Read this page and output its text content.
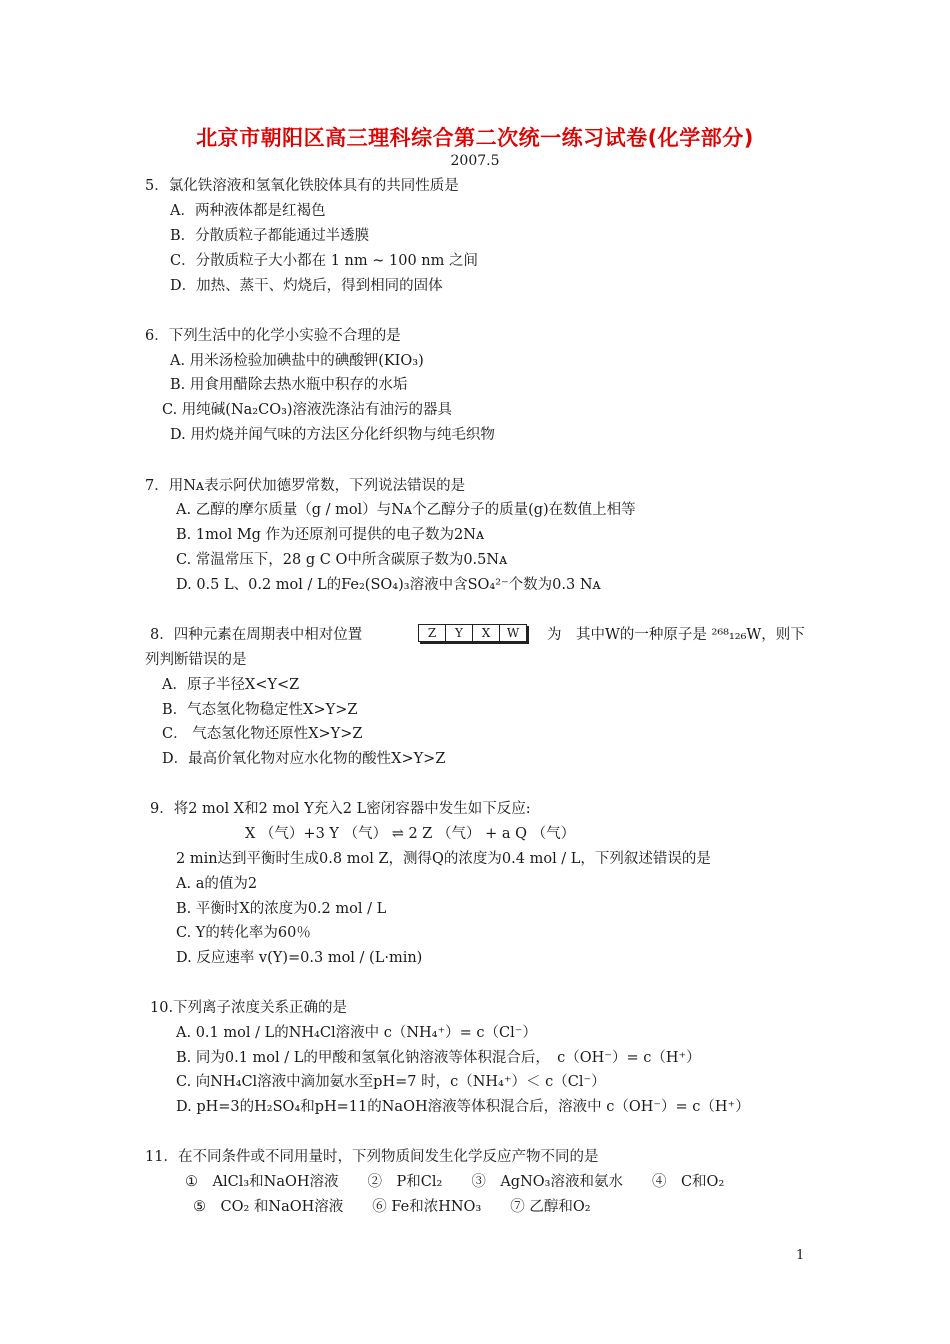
北京市朝阳区高三理科综合第二次统一练习试卷(化学部分)
2007.5
5．氯化铁溶液和氢氧化铁胶体具有的共同性质是
A．两种液体都是红褐色
B．分散质粒子都能通过半透膜
C．分散质粒子大小都在 1 nm ~ 100 nm 之间
D．加热、蒸干、灼烧后，得到相同的固体
6．下列生活中的化学小实验不合理的是
A. 用米汤检验加碘盐中的碘酸钾(KIO₃)
B. 用食用醋除去热水瓶中积存的水垢
C. 用纯碱(Na₂CO₃)溶液洗涤沾有油污的器具
D. 用灼烧并闻气味的方法区分化纤织物与纯毛织物
7．用Nᴀ表示阿伏加德罗常数，下列说法错误的是
A. 乙醇的摩尔质量（g / mol）与Nᴀ个乙醇分子的质量(g)在数值上相等
B. 1mol Mg 作为还原剂可提供的电子数为2Nᴀ
C. 常温常压下，28 g C O中所含碳原子数为0.5Nᴀ
D. 0.5 L、0.2 mol / L的Fe₂(SO₄)₃溶液中含SO₄²⁻个数为0.3 Nᴀ
8．四种元素在周期表中相对位置	Z	Y	X	W	为　其中W的一种原子是 ²⁶⁸₁₂₆W，则下
列判断错误的是
A．原子半径X<Y<Z
B．气态氢化物稳定性X>Y>Z
C． 气态氢化物还原性X>Y>Z
D．最高价氧化物对应水化物的酸性X>Y>Z
9．将2 mol X和2 mol Y充入2 L密闭容器中发生如下反应:
X （气）+3 Y （气） ⇌ 2 Z （气） + a Q （气）
2 min达到平衡时生成0.8 mol Z，测得Q的浓度为0.4 mol / L，下列叙述错误的是
A. a的值为2
B. 平衡时X的浓度为0.2 mol / L
C. Y的转化率为60％
D. 反应速率 v(Y)=0.3 mol / (L·min)
10.下列离子浓度关系正确的是
A. 0.1 mol / L的NH₄Cl溶液中 c（NH₄⁺）= c（Cl⁻）
B. 同为0.1 mol / L的甲酸和氢氧化钠溶液等体积混合后，　c（OH⁻）= c（H⁺）
C. 向NH₄Cl溶液中滴加氨水至pH=7 时，c（NH₄⁺）＜ c（Cl⁻）
D. pH=3的H₂SO₄和pH=11的NaOH溶液等体积混合后，溶液中 c（OH⁻）= c（H⁺）
11．在不同条件或不同用量时，下列物质间发生化学反应产物不同的是
①　AlCl₃和NaOH溶液　　②　P和Cl₂　　③　AgNO₃溶液和氨水　　④　C和O₂
⑤　CO₂ 和NaOH溶液　　⑥ Fe和浓HNO₃　　⑦ 乙醇和O₂
1
